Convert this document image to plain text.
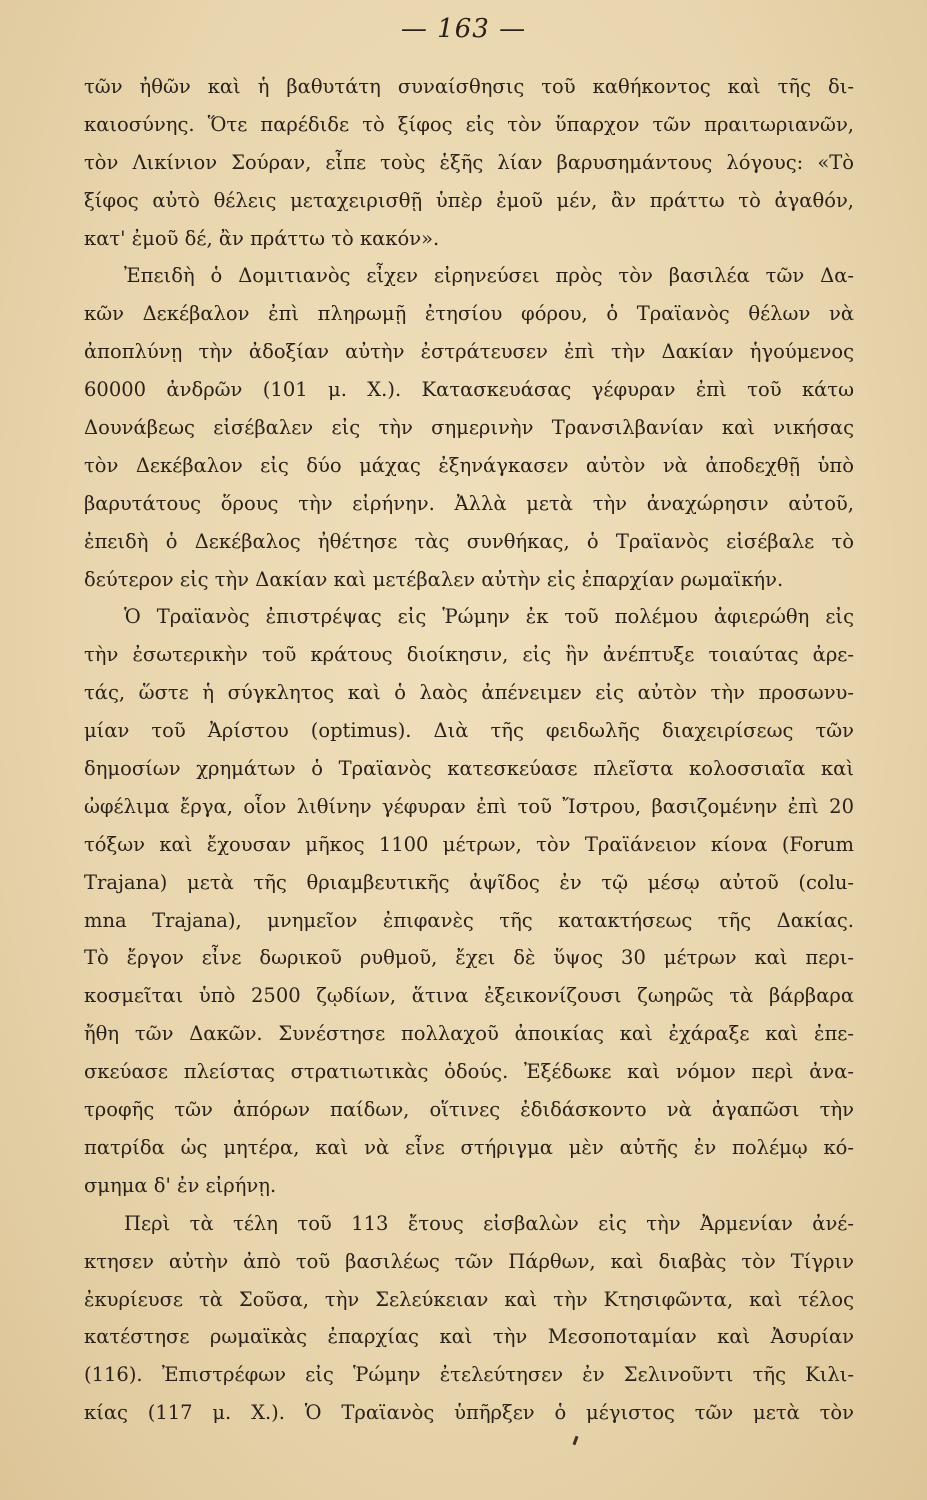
— 163 —
τῶν ἠθῶν καὶ ἡ βαθυτάτη συναίσθησις τοῦ καθήκοντος καὶ τῆς δι-
καιοσύνης. Ὅτε παρέδιδε τὸ ξίφος εἰς τὸν ὕπαρχον τῶν πραιτωριανῶν,
τὸν Λικίνιον Σούραν, εἶπε τοὺς ἑξῆς λίαν βαρυσημάντους λόγους: «Τὸ
ξίφος αὐτὸ θέλεις μεταχειρισθῇ ὑπὲρ ἐμοῦ μέν, ἂν πράττω τὸ ἀγαθόν,
κατ' ἐμοῦ δέ, ἂν πράττω τὸ κακόν».
Ἐπειδὴ ὁ Δομιτιανὸς εἶχεν εἰρηνεύσει πρὸς τὸν βασιλέα τῶν Δα-
κῶν Δεκέβαλον ἐπὶ πληρωμῇ ἐτησίου φόρου, ὁ Τραϊανὸς θέλων νὰ
ἀποπλύνῃ τὴν ἀδοξίαν αὐτὴν ἐστράτευσεν ἐπὶ τὴν Δακίαν ἡγούμενος
60000 ἀνδρῶν (101 μ. Χ.). Κατασκευάσας γέφυραν ἐπὶ τοῦ κάτω
Δουνάβεως εἰσέβαλεν εἰς τὴν σημερινὴν Τρανσιλβανίαν καὶ νικήσας
τὸν Δεκέβαλον εἰς δύο μάχας ἐξηνάγκασεν αὐτὸν νὰ ἀποδεχθῇ ὑπὸ
βαρυτάτους ὅρους τὴν εἰρήνην. Ἀλλὰ μετὰ τὴν ἀναχώρησιν αὐτοῦ,
ἐπειδὴ ὁ Δεκέβαλος ἠθέτησε τὰς συνθήκας, ὁ Τραϊανὸς εἰσέβαλε τὸ
δεύτερον εἰς τὴν Δακίαν καὶ μετέβαλεν αὐτὴν εἰς ἐπαρχίαν ρωμαϊκήν.
Ὁ Τραϊανὸς ἐπιστρέψας εἰς Ῥώμην ἐκ τοῦ πολέμου ἀφιερώθη εἰς
τὴν ἐσωτερικὴν τοῦ κράτους διοίκησιν, εἰς ἣν ἀνέπτυξε τοιαύτας ἀρε-
τάς, ὥστε ἡ σύγκλητος καὶ ὁ λαὸς ἀπένειμεν εἰς αὐτὸν τὴν προσωνυ-
μίαν τοῦ Ἀρίστου (optimus). Διὰ τῆς φειδωλῆς διαχειρίσεως τῶν
δημοσίων χρημάτων ὁ Τραϊανὸς κατεσκεύασε πλεῖστα κολοσσιαῖα καὶ
ὠφέλιμα ἔργα, οἷον λιθίνην γέφυραν ἐπὶ τοῦ Ἴστρου, βασιζομένην ἐπὶ 20
τόξων καὶ ἔχουσαν μῆκος 1100 μέτρων, τὸν Τραϊάνειον κίονα (Forum
Trajana) μετὰ τῆς θριαμβευτικῆς ἀψῖδος ἐν τῷ μέσῳ αὐτοῦ (colu-
mna Trajana), μνημεῖον ἐπιφανὲς τῆς κατακτήσεως τῆς Δακίας.
Τὸ ἔργον εἶνε δωρικοῦ ρυθμοῦ, ἔχει δὲ ὕψος 30 μέτρων καὶ περι-
κοσμεῖται ὑπὸ 2500 ζῳδίων, ἅτινα ἐξεικονίζουσι ζωηρῶς τὰ βάρβαρα
ἤθη τῶν Δακῶν. Συνέστησε πολλαχοῦ ἀποικίας καὶ ἐχάραξε καὶ ἐπε-
σκεύασε πλείστας στρατιωτικὰς ὁδούς. Ἐξέδωκε καὶ νόμον περὶ ἀνα-
τροφῆς τῶν ἀπόρων παίδων, οἵτινες ἐδιδάσκοντο νὰ ἀγαπῶσι τὴν
πατρίδα ὡς μητέρα, καὶ νὰ εἶνε στήριγμα μὲν αὐτῆς ἐν πολέμῳ κό-
σμημα δ' ἐν εἰρήνῃ.
Περὶ τὰ τέλη τοῦ 113 ἔτους εἰσβαλὼν εἰς τὴν Ἀρμενίαν ἀνέ-
κτησεν αὐτὴν ἀπὸ τοῦ βασιλέως τῶν Πάρθων, καὶ διαβὰς τὸν Τίγριν
ἐκυρίευσε τὰ Σοῦσα, τὴν Σελεύκειαν καὶ τὴν Κτησιφῶντα, καὶ τέλος
κατέστησε ρωμαϊκὰς ἐπαρχίας καὶ τὴν Μεσοποταμίαν καὶ Ἀσυρίαν
(116). Ἐπιστρέφων εἰς Ῥώμην ἐτελεύτησεν ἐν Σελινοῦντι τῆς Κιλι-
κίας (117 μ. Χ.). Ὁ Τραϊανὸς ὑπῆρξεν ὁ μέγιστος τῶν μετὰ τὸν
